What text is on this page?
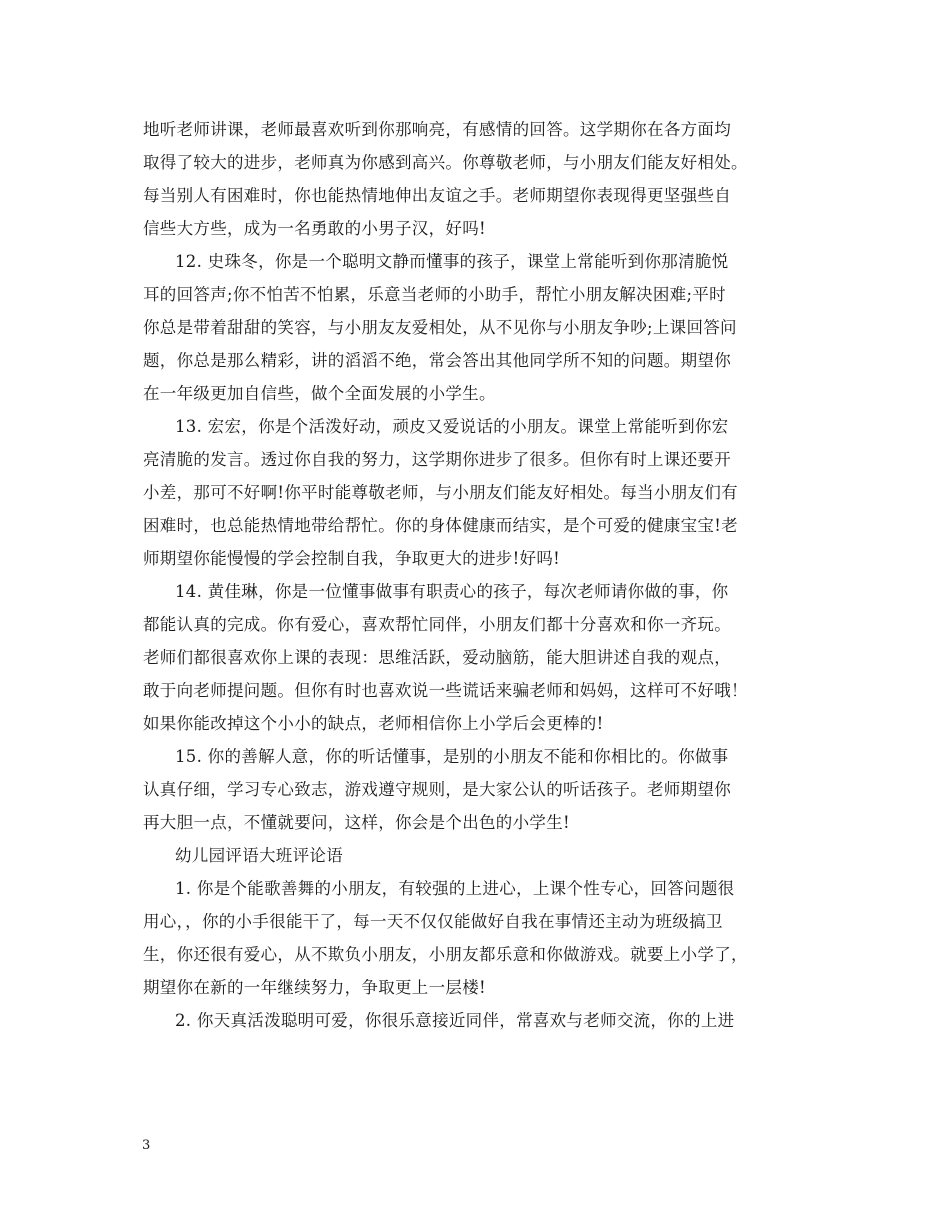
地听老师讲课，老师最喜欢听到你那响亮，有感情的回答。这学期你在各方面均
取得了较大的进步，老师真为你感到高兴。你尊敬老师，与小朋友们能友好相处。
每当别人有困难时，你也能热情地伸出友谊之手。老师期望你表现得更坚强些自
信些大方些，成为一名勇敢的小男子汉，好吗!
12. 史珠冬，你是一个聪明文静而懂事的孩子，课堂上常能听到你那清脆悦
耳的回答声;你不怕苦不怕累，乐意当老师的小助手，帮忙小朋友解决困难;平时
你总是带着甜甜的笑容，与小朋友友爱相处，从不见你与小朋友争吵;上课回答问
题，你总是那么精彩，讲的滔滔不绝，常会答出其他同学所不知的问题。期望你
在一年级更加自信些，做个全面发展的小学生。
13. 宏宏，你是个活泼好动，顽皮又爱说话的小朋友。课堂上常能听到你宏
亮清脆的发言。透过你自我的努力，这学期你进步了很多。但你有时上课还要开
小差，那可不好啊!你平时能尊敬老师，与小朋友们能友好相处。每当小朋友们有
困难时，也总能热情地带给帮忙。你的身体健康而结实，是个可爱的健康宝宝!老
师期望你能慢慢的学会控制自我，争取更大的进步!好吗!
14. 黄佳琳，你是一位懂事做事有职责心的孩子，每次老师请你做的事，你
都能认真的完成。你有爱心，喜欢帮忙同伴，小朋友们都十分喜欢和你一齐玩。
老师们都很喜欢你上课的表现：思维活跃，爱动脑筋，能大胆讲述自我的观点，
敢于向老师提问题。但你有时也喜欢说一些谎话来骗老师和妈妈，这样可不好哦！
如果你能改掉这个小小的缺点，老师相信你上小学后会更棒的!
15. 你的善解人意，你的听话懂事，是别的小朋友不能和你相比的。你做事
认真仔细，学习专心致志，游戏遵守规则，是大家公认的听话孩子。老师期望你
再大胆一点，不懂就要问，这样，你会是个出色的小学生!
幼儿园评语大班评论语
1. 你是个能歌善舞的小朋友，有较强的上进心，上课个性专心，回答问题很
用心，，你的小手很能干了，每一天不仅仅能做好自我在事情还主动为班级搞卫
生，你还很有爱心，从不欺负小朋友，小朋友都乐意和你做游戏。就要上小学了，
期望你在新的一年继续努力，争取更上一层楼!
2. 你天真活泼聪明可爱，你很乐意接近同伴，常喜欢与老师交流，你的上进
3
